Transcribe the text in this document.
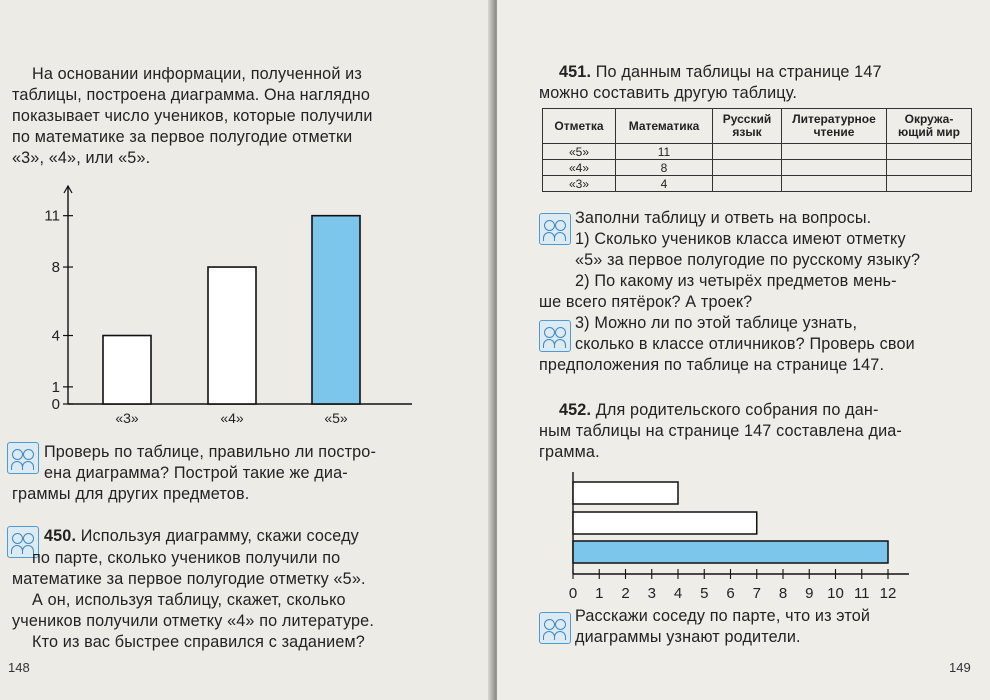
На основании информации, полученной из
таблицы, построена диаграмма. Она наглядно
показывает число учеников, которые получили
по математике за первое полугодие отметки
«3», «4», или «5».
0
1
4
8
11
«3»	«4»	«5»
Проверь по таблице, правильно ли постро-
ена диаграмма? Построй такие же диа-
граммы для других предметов.
450. Используя диаграмму, скажи соседу
по парте, сколько учеников получили по
математике за первое полугодие отметку «5».
А он, используя таблицу, скажет, сколько
учеников получили отметку «4» по литературе.
Кто из вас быстрее справился с заданием?
148
451. По данным таблицы на странице 147
можно составить другую таблицу.
Отметка	Математика	Русский язык	Литературное чтение	Окружа-ющий мир
«5»	11			
«4»	8			
«3»	4			
Заполни таблицу и ответь на вопросы.
1) Сколько учеников класса имеют отметку
«5» за первое полугодие по русскому языку?
2) По какому из четырёх предметов мень-
ше всего пятёрок? А троек?
3) Можно ли по этой таблице узнать,
сколько в классе отличников? Проверь свои
предположения по таблице на странице 147.
452. Для родительского собрания по дан-
ным таблицы на странице 147 составлена диа-
грамма.
0 1 2 3 4 5 6 7 8 9 10 11 12
Расскажи соседу по парте, что из этой
диаграммы узнают родители.
149
